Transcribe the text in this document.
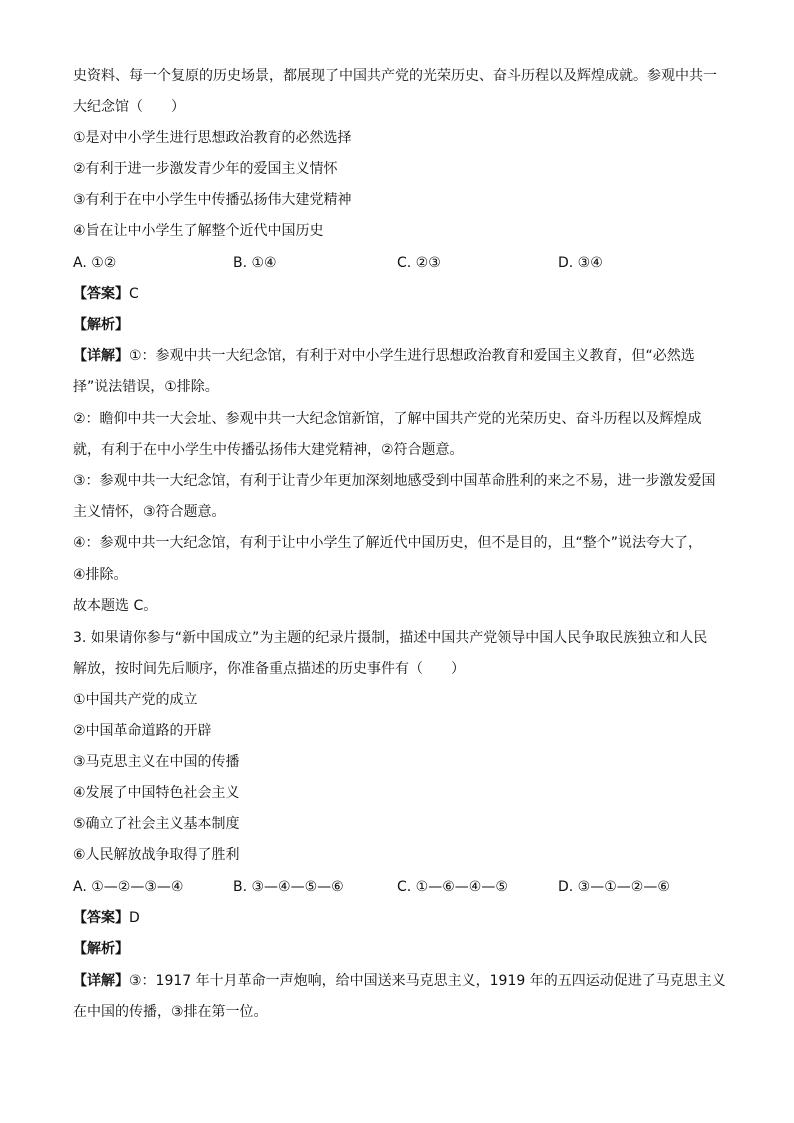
史资料、每一个复原的历史场景，都展现了中国共产党的光荣历史、奋斗历程以及辉煌成就。参观中共一
大纪念馆（　　）
①是对中小学生进行思想政治教育的必然选择
②有利于进一步激发青少年的爱国主义情怀
③有利于在中小学生中传播弘扬伟大建党精神
④旨在让中小学生了解整个近代中国历史
A. ①②	B. ①④	C. ②③	D. ③④
【答案】C
【解析】
【详解】①：参观中共一大纪念馆，有利于对中小学生进行思想政治教育和爱国主义教育，但“必然选
择”说法错误，①排除。
②：瞻仰中共一大会址、参观中共一大纪念馆新馆，了解中国共产党的光荣历史、奋斗历程以及辉煌成
就，有利于在中小学生中传播弘扬伟大建党精神，②符合题意。
③：参观中共一大纪念馆，有利于让青少年更加深刻地感受到中国革命胜利的来之不易，进一步激发爱国
主义情怀，③符合题意。
④：参观中共一大纪念馆，有利于让中小学生了解近代中国历史，但不是目的，且“整个”说法夸大了，
④排除。
故本题选 C。
3. 如果请你参与“新中国成立”为主题的纪录片摄制，描述中国共产党领导中国人民争取民族独立和人民
解放，按时间先后顺序，你准备重点描述的历史事件有（　　）
①中国共产党的成立
②中国革命道路的开辟
③马克思主义在中国的传播
④发展了中国特色社会主义
⑤确立了社会主义基本制度
⑥人民解放战争取得了胜利
A. ①—②—③—④	B. ③—④—⑤—⑥	C. ①—⑥—④—⑤	D. ③—①—②—⑥
【答案】D
【解析】
【详解】③：1917 年十月革命一声炮响，给中国送来马克思主义，1919 年的五四运动促进了马克思主义
在中国的传播，③排在第一位。
